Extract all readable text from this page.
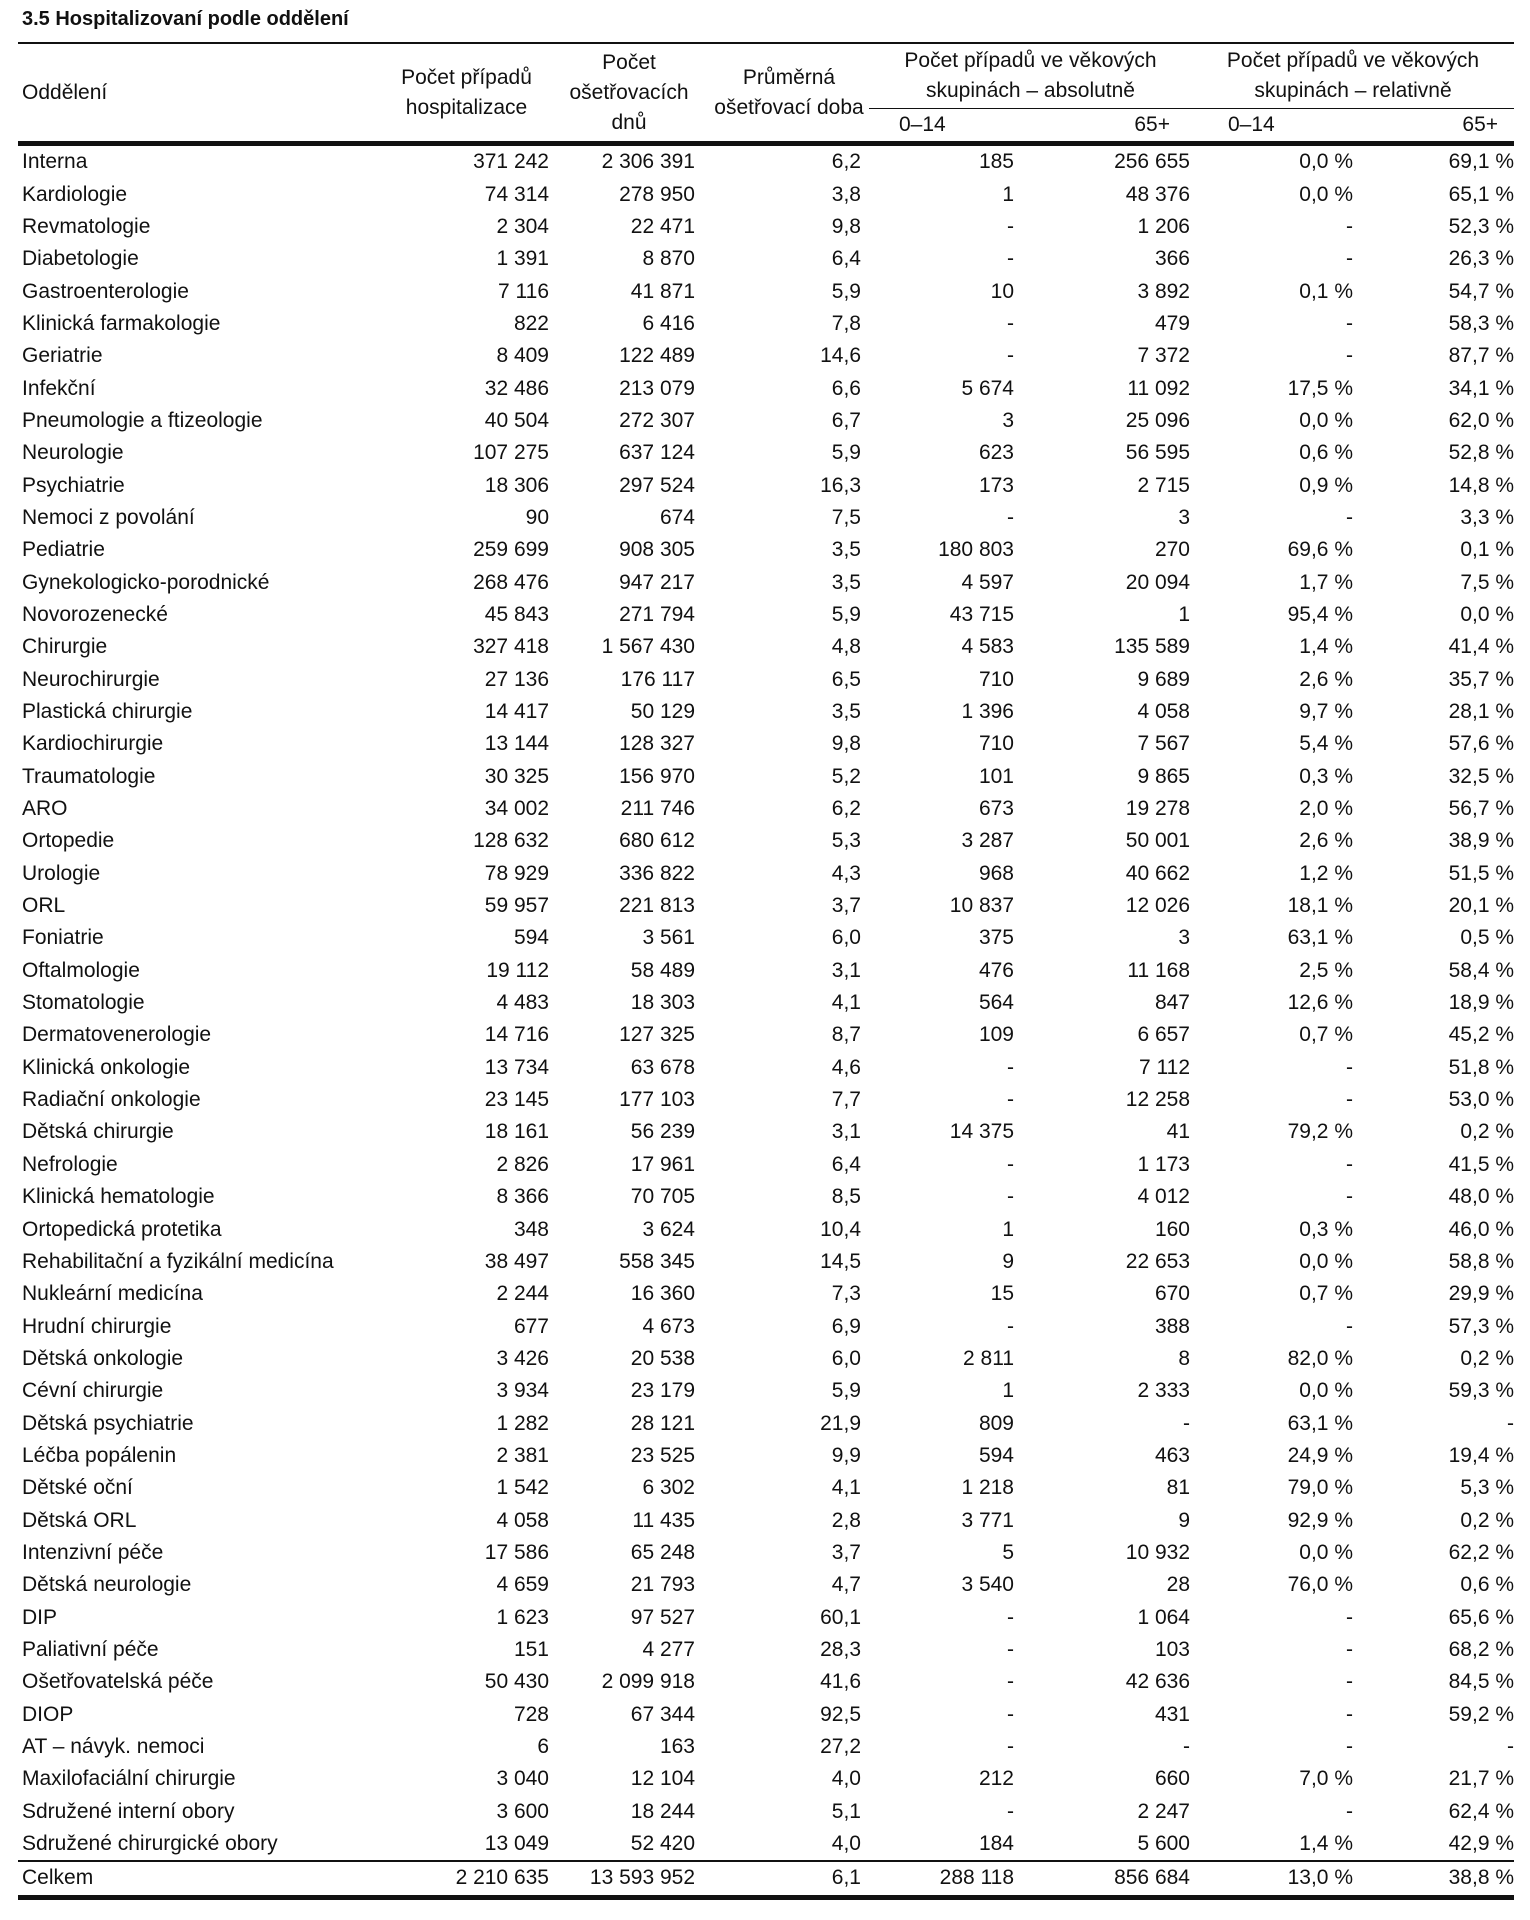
3.5 Hospitalizovaní podle oddělení
Oddělení	Počet případů hospitalizace	Počet ošetřovacích dnů	Průměrná ošetřovací doba	Počet případů ve věkových skupinách – absolutně		Počet případů ve věkových skupinách – relativně	
				0–14	65+	0–14	65+
Interna	371 242	2 306 391	6,2	185	256 655	0,0 %	69,1 %
Kardiologie	74 314	278 950	3,8	1	48 376	0,0 %	65,1 %
Revmatologie	2 304	22 471	9,8	-	1 206	-	52,3 %
Diabetologie	1 391	8 870	6,4	-	366	-	26,3 %
Gastroenterologie	7 116	41 871	5,9	10	3 892	0,1 %	54,7 %
Klinická farmakologie	822	6 416	7,8	-	479	-	58,3 %
Geriatrie	8 409	122 489	14,6	-	7 372	-	87,7 %
Infekční	32 486	213 079	6,6	5 674	11 092	17,5 %	34,1 %
Pneumologie a ftizeologie	40 504	272 307	6,7	3	25 096	0,0 %	62,0 %
Neurologie	107 275	637 124	5,9	623	56 595	0,6 %	52,8 %
Psychiatrie	18 306	297 524	16,3	173	2 715	0,9 %	14,8 %
Nemoci z povolání	90	674	7,5	-	3	-	3,3 %
Pediatrie	259 699	908 305	3,5	180 803	270	69,6 %	0,1 %
Gynekologicko-porodnické	268 476	947 217	3,5	4 597	20 094	1,7 %	7,5 %
Novorozenecké	45 843	271 794	5,9	43 715	1	95,4 %	0,0 %
Chirurgie	327 418	1 567 430	4,8	4 583	135 589	1,4 %	41,4 %
Neurochirurgie	27 136	176 117	6,5	710	9 689	2,6 %	35,7 %
Plastická chirurgie	14 417	50 129	3,5	1 396	4 058	9,7 %	28,1 %
Kardiochirurgie	13 144	128 327	9,8	710	7 567	5,4 %	57,6 %
Traumatologie	30 325	156 970	5,2	101	9 865	0,3 %	32,5 %
ARO	34 002	211 746	6,2	673	19 278	2,0 %	56,7 %
Ortopedie	128 632	680 612	5,3	3 287	50 001	2,6 %	38,9 %
Urologie	78 929	336 822	4,3	968	40 662	1,2 %	51,5 %
ORL	59 957	221 813	3,7	10 837	12 026	18,1 %	20,1 %
Foniatrie	594	3 561	6,0	375	3	63,1 %	0,5 %
Oftalmologie	19 112	58 489	3,1	476	11 168	2,5 %	58,4 %
Stomatologie	4 483	18 303	4,1	564	847	12,6 %	18,9 %
Dermatovenerologie	14 716	127 325	8,7	109	6 657	0,7 %	45,2 %
Klinická onkologie	13 734	63 678	4,6	-	7 112	-	51,8 %
Radiační onkologie	23 145	177 103	7,7	-	12 258	-	53,0 %
Dětská chirurgie	18 161	56 239	3,1	14 375	41	79,2 %	0,2 %
Nefrologie	2 826	17 961	6,4	-	1 173	-	41,5 %
Klinická hematologie	8 366	70 705	8,5	-	4 012	-	48,0 %
Ortopedická protetika	348	3 624	10,4	1	160	0,3 %	46,0 %
Rehabilitační a fyzikální medicína	38 497	558 345	14,5	9	22 653	0,0 %	58,8 %
Nukleární medicína	2 244	16 360	7,3	15	670	0,7 %	29,9 %
Hrudní chirurgie	677	4 673	6,9	-	388	-	57,3 %
Dětská onkologie	3 426	20 538	6,0	2 811	8	82,0 %	0,2 %
Cévní chirurgie	3 934	23 179	5,9	1	2 333	0,0 %	59,3 %
Dětská psychiatrie	1 282	28 121	21,9	809	-	63,1 %	-
Léčba popálenin	2 381	23 525	9,9	594	463	24,9 %	19,4 %
Dětské oční	1 542	6 302	4,1	1 218	81	79,0 %	5,3 %
Dětská ORL	4 058	11 435	2,8	3 771	9	92,9 %	0,2 %
Intenzivní péče	17 586	65 248	3,7	5	10 932	0,0 %	62,2 %
Dětská neurologie	4 659	21 793	4,7	3 540	28	76,0 %	0,6 %
DIP	1 623	97 527	60,1	-	1 064	-	65,6 %
Paliativní péče	151	4 277	28,3	-	103	-	68,2 %
Ošetřovatelská péče	50 430	2 099 918	41,6	-	42 636	-	84,5 %
DIOP	728	67 344	92,5	-	431	-	59,2 %
AT – návyk. nemoci	6	163	27,2	-	-	-	-
Maxilofaciální chirurgie	3 040	12 104	4,0	212	660	7,0 %	21,7 %
Sdružené interní obory	3 600	18 244	5,1	-	2 247	-	62,4 %
Sdružené chirurgické obory	13 049	52 420	4,0	184	5 600	1,4 %	42,9 %
Celkem	2 210 635	13 593 952	6,1	288 118	856 684	13,0 %	38,8 %
